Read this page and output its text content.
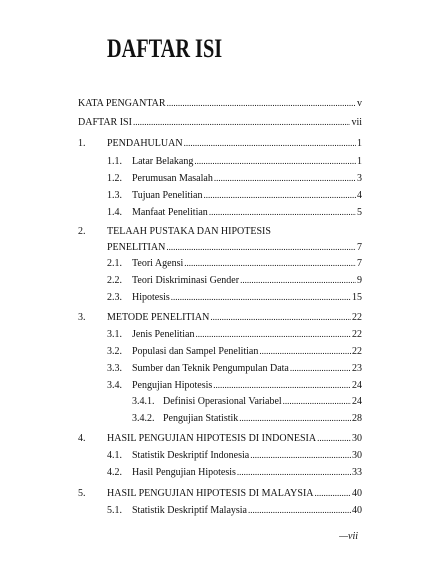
DAFTAR ISI
KATA PENGANTAR .....	v
DAFTAR ISI .....	vii
1.	PENDAHULUAN .....	1
1.1.	Latar Belakang .....	1
1.2.	Perumusan Masalah .....	3
1.3.	Tujuan Penelitian .....	4
1.4.	Manfaat Penelitian .....	5
2.	TELAAH PUSTAKA DAN HIPOTESIS
PENELITIAN .....	7
2.1.	Teori Agensi .....	7
2.2.	Teori Diskriminasi Gender .....	9
2.3.	Hipotesis .....	15
3.	METODE PENELITIAN .....	22
3.1.	Jenis Penelitian .....	22
3.2.	Populasi dan Sampel Penelitian .....	22
3.3.	Sumber dan Teknik Pengumpulan Data .....	23
3.4.	Pengujian Hipotesis .....	24
3.4.1. Definisi Operasional Variabel .....	24
3.4.2. Pengujian Statistik .....	28
4.	HASIL PENGUJIAN HIPOTESIS DI INDONESIA .....	30
4.1.	Statistik Deskriptif Indonesia .....	30
4.2.	Hasil Pengujian Hipotesis .....	33
5.	HASIL PENGUJIAN HIPOTESIS DI MALAYSIA .....	40
5.1.	Statistik Deskriptif Malaysia .....	40
—vii
